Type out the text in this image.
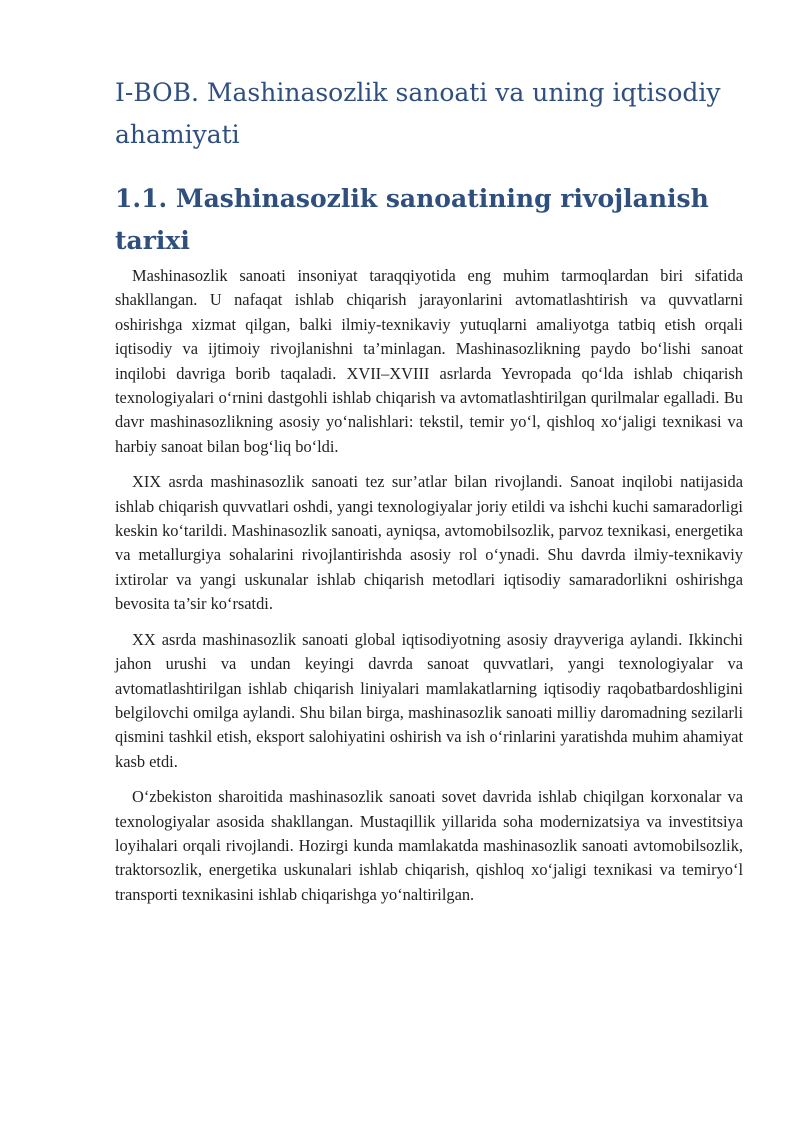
I-BOB. Mashinasozlik sanoati va uning iqtisodiy ahamiyati
1.1. Mashinasozlik sanoatining rivojlanish tarixi

Mashinasozlik sanoati insoniyat taraqqiyotida eng muhim tarmoqlardan biri sifatida shakllangan. U nafaqat ishlab chiqarish jarayonlarini avtomatlashtirish va quvvatlarni oshirishga xizmat qilgan, balki ilmiy-texnikaviy yutuqlarni amaliyotga tatbiq etish orqali iqtisodiy va ijtimoiy rivojlanishni ta’minlagan. Mashinasozlikning paydo bo‘lishi sanoat inqilobi davriga borib taqaladi. XVII–XVIII asrlarda Yevropada qo‘lda ishlab chiqarish texnologiyalari o‘rnini dastgohli ishlab chiqarish va avtomatlashtirilgan qurilmalar egalladi. Bu davr mashinasozlikning asosiy yo‘nalishlari: tekstil, temir yo‘l, qishloq xo‘jaligi texnikasi va harbiy sanoat bilan bog‘liq bo‘ldi.

XIX asrda mashinasozlik sanoati tez sur’atlar bilan rivojlandi. Sanoat inqilobi natijasida ishlab chiqarish quvvatlari oshdi, yangi texnologiyalar joriy etildi va ishchi kuchi samaradorligi keskin ko‘tarildi. Mashinasozlik sanoati, ayniqsa, avtomobilsozlik, parvoz texnikasi, energetika va metallurgiya sohalarini rivojlantirishda asosiy rol o‘ynadi. Shu davrda ilmiy-texnikaviy ixtirolar va yangi uskunalar ishlab chiqarish metodlari iqtisodiy samaradorlikni oshirishga bevosita ta’sir ko‘rsatdi.

XX asrda mashinasozlik sanoati global iqtisodiyotning asosiy drayveriga aylandi. Ikkinchi jahon urushi va undan keyingi davrda sanoat quvvatlari, yangi texnologiyalar va avtomatlashtirilgan ishlab chiqarish liniyalari mamlakatlarning iqtisodiy raqobatbardoshligini belgilovchi omilga aylandi. Shu bilan birga, mashinasozlik sanoati milliy daromadning sezilarli qismini tashkil etish, eksport salohiyatini oshirish va ish o‘rinlarini yaratishda muhim ahamiyat kasb etdi.

O‘zbekiston sharoitida mashinasozlik sanoati sovet davrida ishlab chiqilgan korxonalar va texnologiyalar asosida shakllangan. Mustaqillik yillarida soha modernizatsiya va investitsiya loyihalari orqali rivojlandi. Hozirgi kunda mamlakatda mashinasozlik sanoati avtomobilsozlik, traktorsozlik, energetika uskunalari ishlab chiqarish, qishloq xo‘jaligi texnikasi va temiryo‘l transporti texnikasini ishlab chiqarishga yo‘naltirilgan.
